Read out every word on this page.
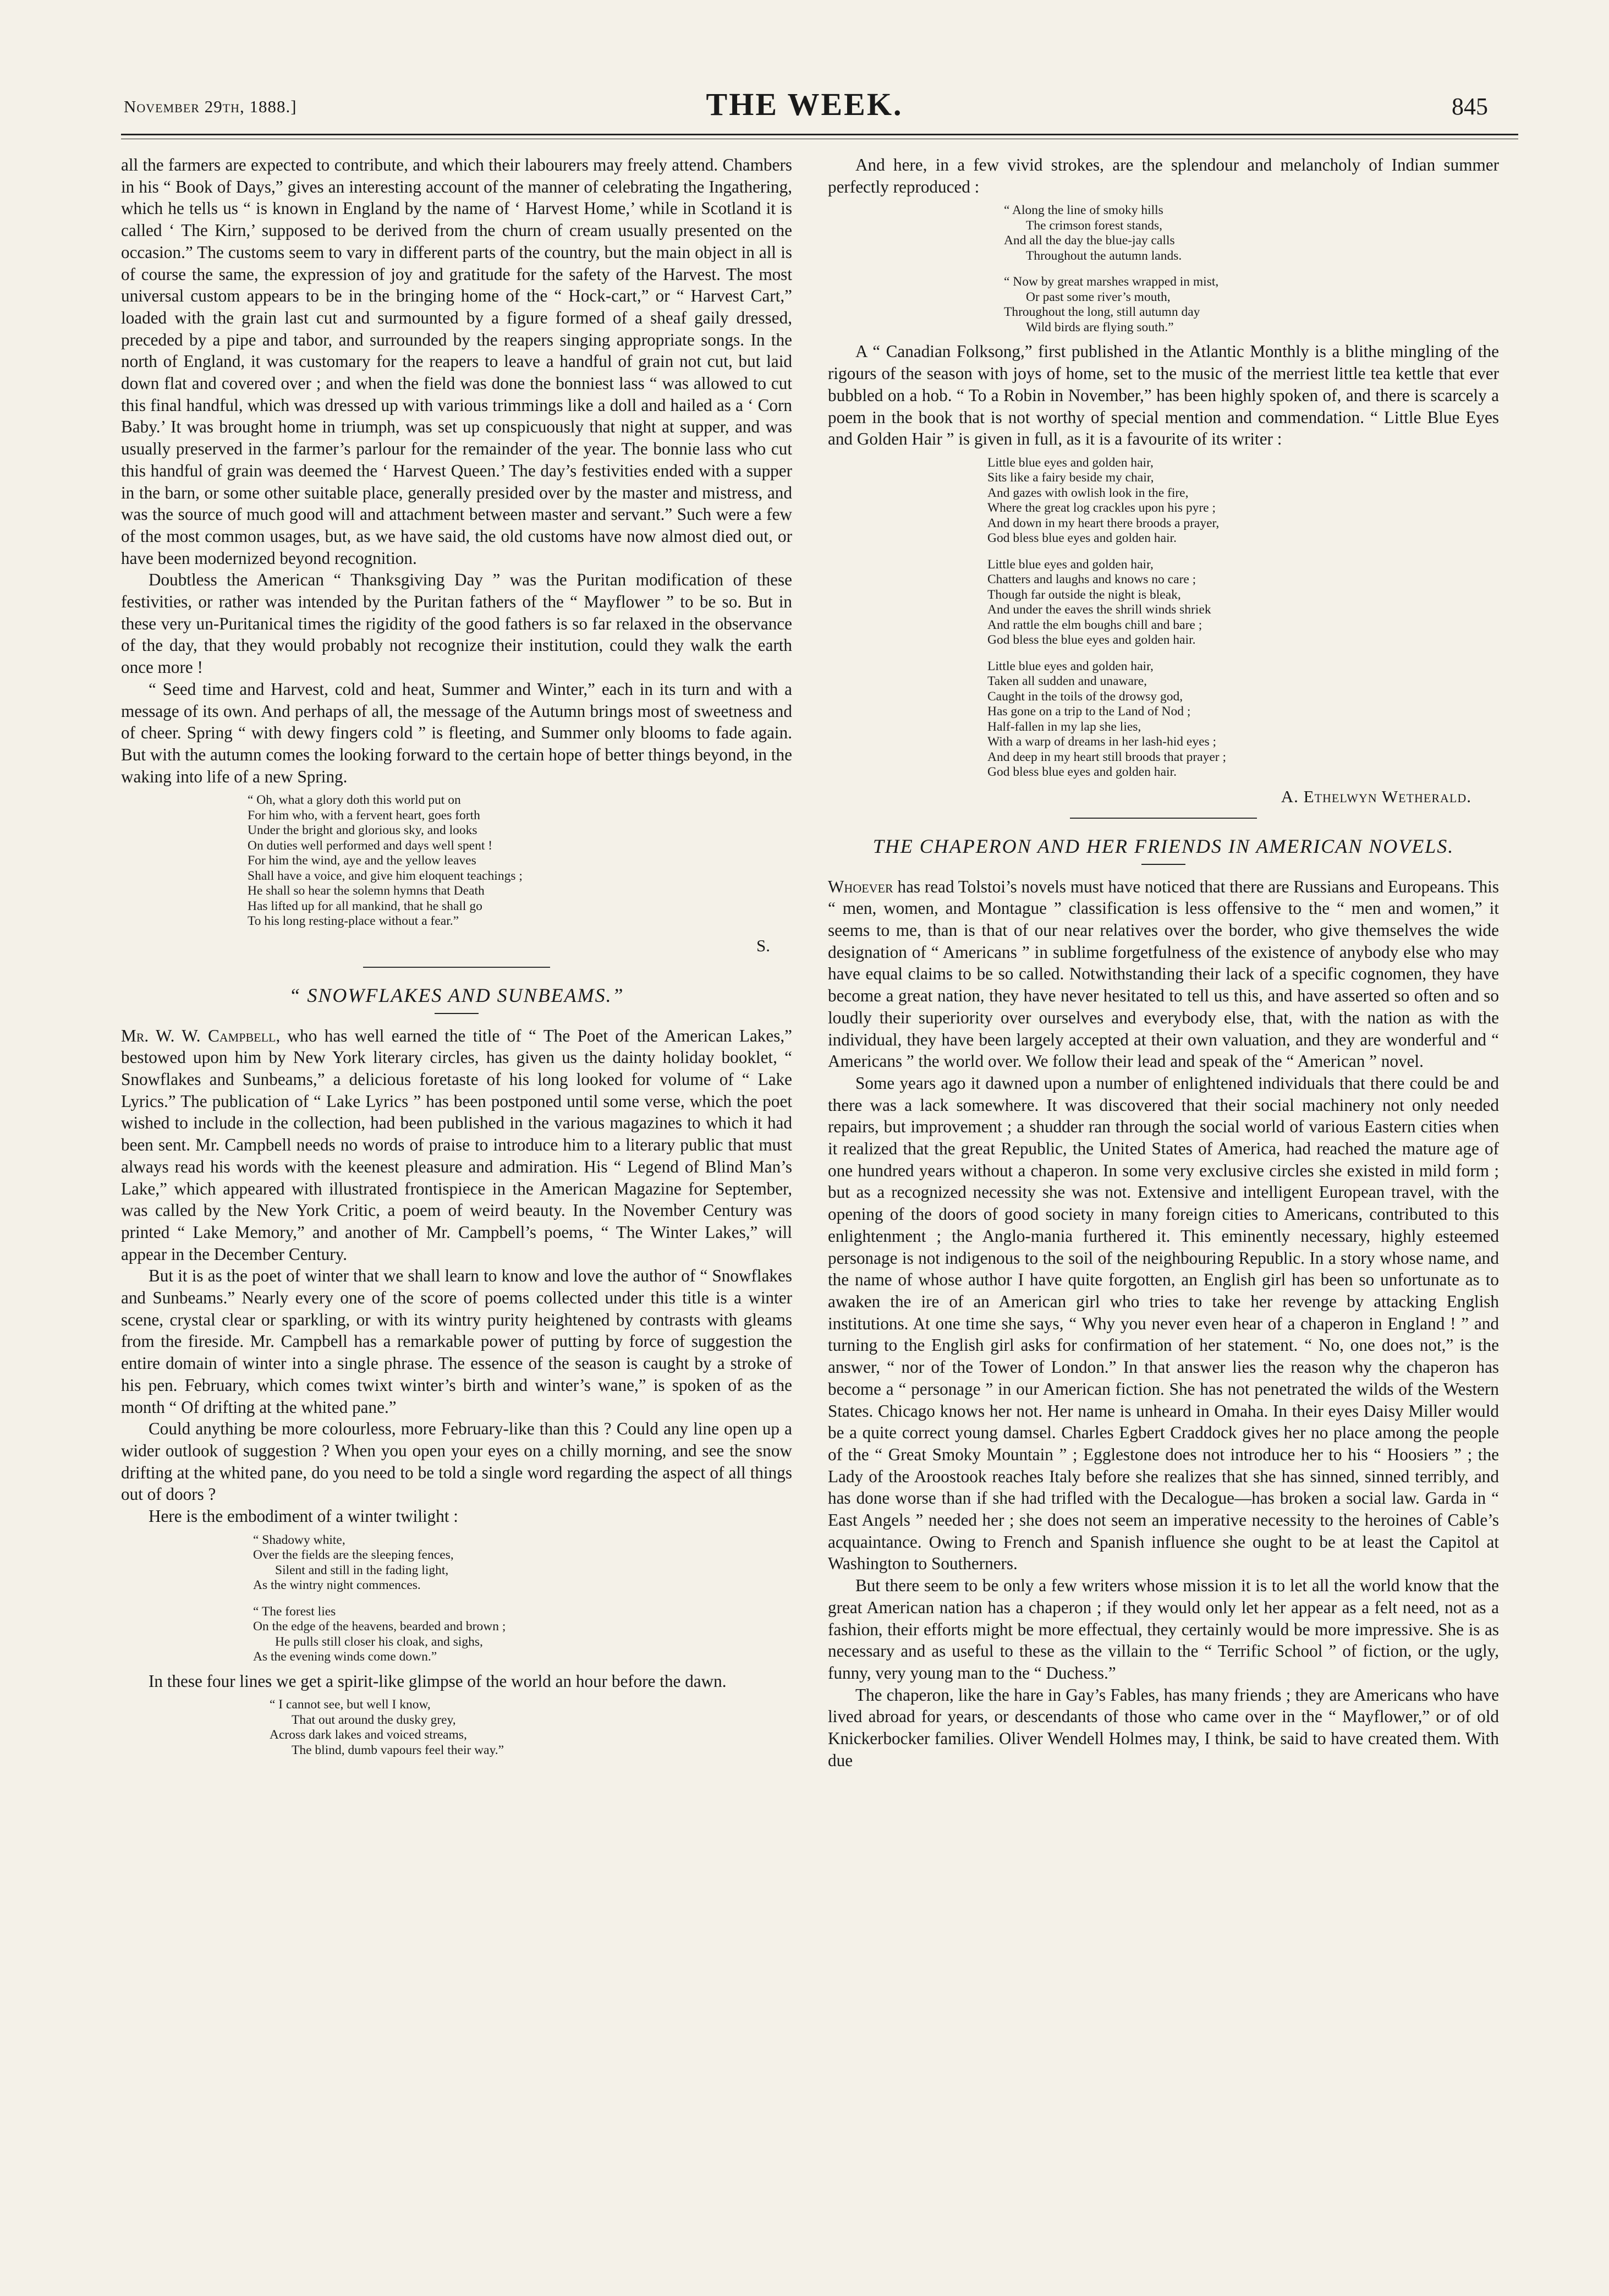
November 29th, 1888.]	THE WEEK.	845

all the farmers are expected to contribute, and which their labourers may freely attend. Chambers in his “ Book of Days,” gives an interesting account of the manner of celebrating the Ingathering, which he tells us “ is known in England by the name of ‘ Harvest Home,’ while in Scotland it is called ‘ The Kirn,’ supposed to be derived from the churn of cream usually presented on the occasion.” The customs seem to vary in different parts of the country, but the main object in all is of course the same, the expression of joy and gratitude for the safety of the Harvest. The most universal custom appears to be in the bringing home of the “ Hock-cart,” or “ Harvest Cart,” loaded with the grain last cut and surmounted by a figure formed of a sheaf gaily dressed, preceded by a pipe and tabor, and surrounded by the reapers singing appropriate songs. In the north of England, it was customary for the reapers to leave a handful of grain not cut, but laid down flat and covered over ; and when the field was done the bonniest lass “ was allowed to cut this final handful, which was dressed up with various trimmings like a doll and hailed as a ‘ Corn Baby.’ It was brought home in triumph, was set up conspicuously that night at supper, and was usually preserved in the farmer’s parlour for the remainder of the year. The bonnie lass who cut this handful of grain was deemed the ‘ Harvest Queen.’ The day’s festivities ended with a supper in the barn, or some other suitable place, generally presided over by the master and mistress, and was the source of much good will and attachment between master and servant.” Such were a few of the most common usages, but, as we have said, the old customs have now almost died out, or have been modernized beyond recognition.

Doubtless the American “ Thanksgiving Day ” was the Puritan modification of these festivities, or rather was intended by the Puritan fathers of the “ Mayflower ” to be so. But in these very un-Puritanical times the rigidity of the good fathers is so far relaxed in the observance of the day, that they would probably not recognize their institution, could they walk the earth once more !

“ Seed time and Harvest, cold and heat, Summer and Winter,” each in its turn and with a message of its own. And perhaps of all, the message of the Autumn brings most of sweetness and of cheer. Spring “ with dewy fingers cold ” is fleeting, and Summer only blooms to fade again. But with the autumn comes the looking forward to the certain hope of better things beyond, in the waking into life of a new Spring.

“ Oh, what a glory doth this world put on
For him who, with a fervent heart, goes forth
Under the bright and glorious sky, and looks
On duties well performed and days well spent !
For him the wind, aye and the yellow leaves
Shall have a voice, and give him eloquent teachings ;
He shall so hear the solemn hymns that Death
Has lifted up for all mankind, that he shall go
To his long resting-place without a fear.”
S.
“ SNOWFLAKES AND SUNBEAMS.”

Mr. W. W. Campbell, who has well earned the title of “ The Poet of the American Lakes,” bestowed upon him by New York literary circles, has given us the dainty holiday booklet, “ Snowflakes and Sunbeams,” a delicious foretaste of his long looked for volume of “ Lake Lyrics.” The publication of “ Lake Lyrics ” has been postponed until some verse, which the poet wished to include in the collection, had been published in the various magazines to which it had been sent. Mr. Campbell needs no words of praise to introduce him to a literary public that must always read his words with the keenest pleasure and admiration. His “ Legend of Blind Man’s Lake,” which appeared with illustrated frontispiece in the American Magazine for September, was called by the New York Critic, a poem of weird beauty. In the November Century was printed “ Lake Memory,” and another of Mr. Campbell’s poems, “ The Winter Lakes,” will appear in the December Century.

But it is as the poet of winter that we shall learn to know and love the author of “ Snowflakes and Sunbeams.” Nearly every one of the score of poems collected under this title is a winter scene, crystal clear or sparkling, or with its wintry purity heightened by contrasts with gleams from the fireside. Mr. Campbell has a remarkable power of putting by force of suggestion the entire domain of winter into a single phrase. The essence of the season is caught by a stroke of his pen. February, which comes twixt winter’s birth and winter’s wane,” is spoken of as the month “ Of drifting at the whited pane.”

Could anything be more colourless, more February-like than this ? Could any line open up a wider outlook of suggestion ? When you open your eyes on a chilly morning, and see the snow drifting at the whited pane, do you need to be told a single word regarding the aspect of all things out of doors ?

Here is the embodiment of a winter twilight :

“ Shadowy white,
Over the fields are the sleeping fences,
Silent and still in the fading light,
As the wintry night commences.
“ The forest lies
On the edge of the heavens, bearded and brown ;
He pulls still closer his cloak, and sighs,
As the evening winds come down.”

In these four lines we get a spirit-like glimpse of the world an hour before the dawn.

“ I cannot see, but well I know,
That out around the dusky grey,
Across dark lakes and voiced streams,
The blind, dumb vapours feel their way.”

And here, in a few vivid strokes, are the splendour and melancholy of Indian summer perfectly reproduced :

“ Along the line of smoky hills
The crimson forest stands,
And all the day the blue-jay calls
Throughout the autumn lands.
“ Now by great marshes wrapped in mist,
Or past some river’s mouth,
Throughout the long, still autumn day
Wild birds are flying south.”

A “ Canadian Folksong,” first published in the Atlantic Monthly is a blithe mingling of the rigours of the season with joys of home, set to the music of the merriest little tea kettle that ever bubbled on a hob. “ To a Robin in November,” has been highly spoken of, and there is scarcely a poem in the book that is not worthy of special mention and commendation. “ Little Blue Eyes and Golden Hair ” is given in full, as it is a favourite of its writer :

Little blue eyes and golden hair,
Sits like a fairy beside my chair,
And gazes with owlish look in the fire,
Where the great log crackles upon his pyre ;
And down in my heart there broods a prayer,
God bless blue eyes and golden hair.
Little blue eyes and golden hair,
Chatters and laughs and knows no care ;
Though far outside the night is bleak,
And under the eaves the shrill winds shriek
And rattle the elm boughs chill and bare ;
God bless the blue eyes and golden hair.
Little blue eyes and golden hair,
Taken all sudden and unaware,
Caught in the toils of the drowsy god,
Has gone on a trip to the Land of Nod ;
Half-fallen in my lap she lies,
With a warp of dreams in her lash-hid eyes ;
And deep in my heart still broods that prayer ;
God bless blue eyes and golden hair.
A. Ethelwyn Wetherald.
THE CHAPERON AND HER FRIENDS IN AMERICAN NOVELS.

Whoever has read Tolstoi’s novels must have noticed that there are Russians and Europeans. This “ men, women, and Montague ” classification is less offensive to the “ men and women,” it seems to me, than is that of our near relatives over the border, who give themselves the wide designation of “ Americans ” in sublime forgetfulness of the existence of anybody else who may have equal claims to be so called. Notwithstanding their lack of a specific cognomen, they have become a great nation, they have never hesitated to tell us this, and have asserted so often and so loudly their superiority over ourselves and everybody else, that, with the nation as with the individual, they have been largely accepted at their own valuation, and they are wonderful and “ Americans ” the world over. We follow their lead and speak of the “ American ” novel.

Some years ago it dawned upon a number of enlightened individuals that there could be and there was a lack somewhere. It was discovered that their social machinery not only needed repairs, but improvement ; a shudder ran through the social world of various Eastern cities when it realized that the great Republic, the United States of America, had reached the mature age of one hundred years without a chaperon. In some very exclusive circles she existed in mild form ; but as a recognized necessity she was not. Extensive and intelligent European travel, with the opening of the doors of good society in many foreign cities to Americans, contributed to this enlightenment ; the Anglo-mania furthered it. This eminently necessary, highly esteemed personage is not indigenous to the soil of the neighbouring Republic. In a story whose name, and the name of whose author I have quite forgotten, an English girl has been so unfortunate as to awaken the ire of an American girl who tries to take her revenge by attacking English institutions. At one time she says, “ Why you never even hear of a chaperon in England ! ” and turning to the English girl asks for confirmation of her statement. “ No, one does not,” is the answer, “ nor of the Tower of London.” In that answer lies the reason why the chaperon has become a “ personage ” in our American fiction. She has not penetrated the wilds of the Western States. Chicago knows her not. Her name is unheard in Omaha. In their eyes Daisy Miller would be a quite correct young damsel. Charles Egbert Craddock gives her no place among the people of the “ Great Smoky Mountain ” ; Egglestone does not introduce her to his “ Hoosiers ” ; the Lady of the Aroostook reaches Italy before she realizes that she has sinned, sinned terribly, and has done worse than if she had trifled with the Decalogue—has broken a social law. Garda in “ East Angels ” needed her ; she does not seem an imperative necessity to the heroines of Cable’s acquaintance. Owing to French and Spanish influence she ought to be at least the Capitol at Washington to Southerners.

But there seem to be only a few writers whose mission it is to let all the world know that the great American nation has a chaperon ; if they would only let her appear as a felt need, not as a fashion, their efforts might be more effectual, they certainly would be more impressive. She is as necessary and as useful to these as the villain to the “ Terrific School ” of fiction, or the ugly, funny, very young man to the “ Duchess.”

The chaperon, like the hare in Gay’s Fables, has many friends ; they are Americans who have lived abroad for years, or descendants of those who came over in the “ Mayflower,” or of old Knickerbocker families. Oliver Wendell Holmes may, I think, be said to have created them. With due
